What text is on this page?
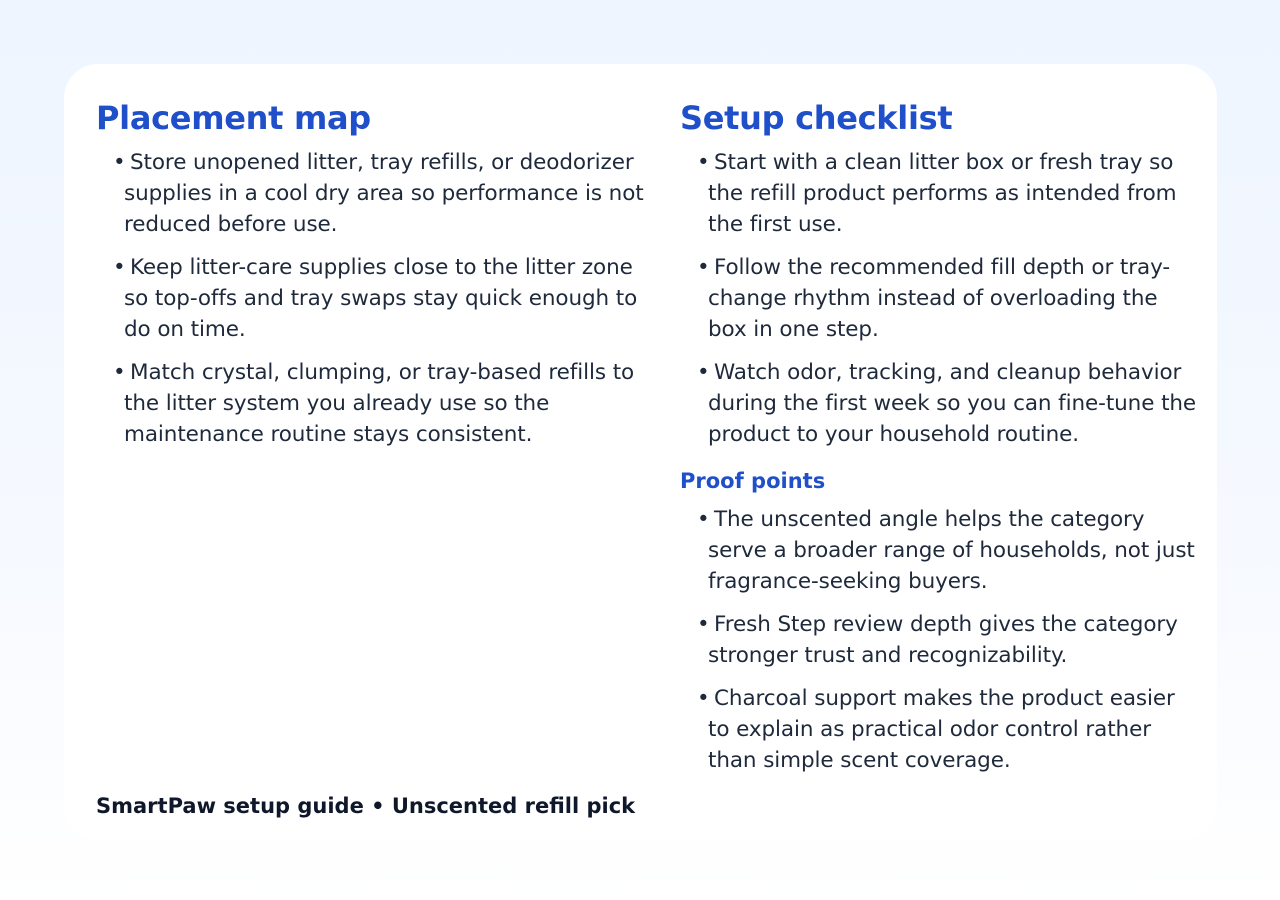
Placement map
• Store unopened litter, tray refills, or deodorizer supplies in a cool dry area so performance is not reduced before use.
• Keep litter-care supplies close to the litter zone so top-offs and tray swaps stay quick enough to do on time.
• Match crystal, clumping, or tray-based refills to the litter system you already use so the maintenance routine stays consistent.
Setup checklist
• Start with a clean litter box or fresh tray so the refill product performs as intended from the first use.
• Follow the recommended fill depth or tray-change rhythm instead of overloading the box in one step.
• Watch odor, tracking, and cleanup behavior during the first week so you can fine-tune the product to your household routine.
Proof points
• The unscented angle helps the category serve a broader range of households, not just fragrance-seeking buyers.
• Fresh Step review depth gives the category stronger trust and recognizability.
• Charcoal support makes the product easier to explain as practical odor control rather than simple scent coverage.
SmartPaw setup guide • Unscented refill pick
